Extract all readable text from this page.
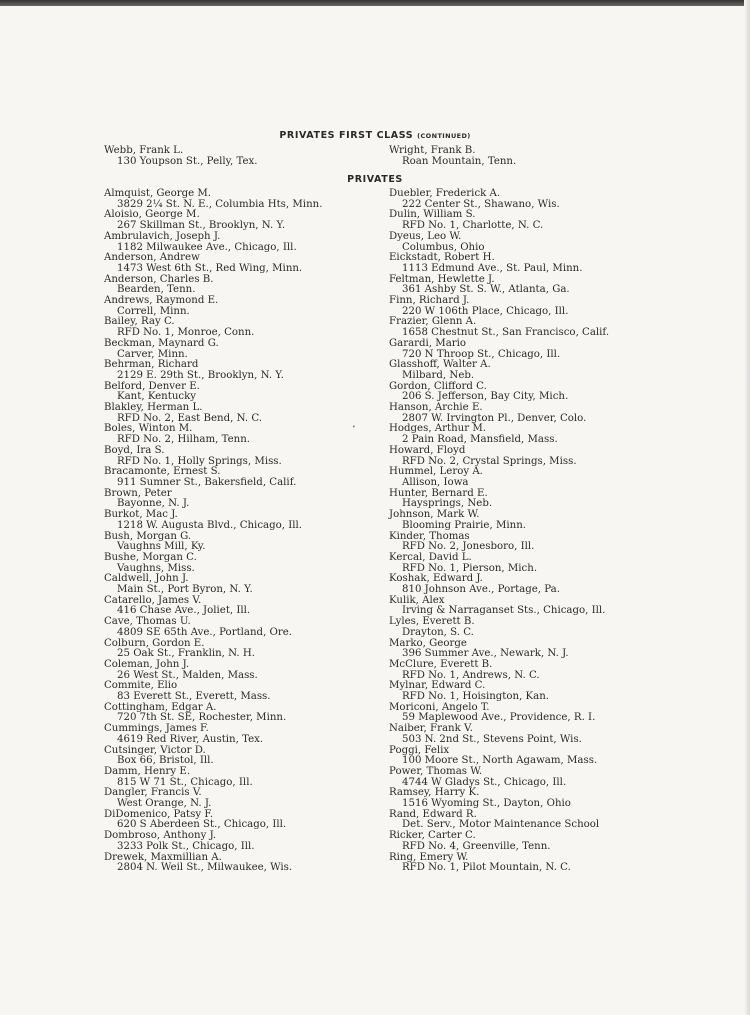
PRIVATES FIRST CLASS (CONTINUED)
Webb, Frank L.
130 Youpson St., Pelly, Tex.
Wright, Frank B.
Roan Mountain, Tenn.
PRIVATES
Almquist, George M.
3829 2¼ St. N. E., Columbia Hts, Minn.
Aloisio, George M.
267 Skillman St., Brooklyn, N. Y.
Ambrulavich, Joseph J.
1182 Milwaukee Ave., Chicago, Ill.
Anderson, Andrew
1473 West 6th St., Red Wing, Minn.
Anderson, Charles B.
Bearden, Tenn.
Andrews, Raymond E.
Correll, Minn.
Bailey, Ray C.
RFD No. 1, Monroe, Conn.
Beckman, Maynard G.
Carver, Minn.
Behrman, Richard
2129 E. 29th St., Brooklyn, N. Y.
Belford, Denver E.
Kant, Kentucky
Blakley, Herman L.
RFD No. 2, East Bend, N. C.
Boles, Winton M.
RFD No. 2, Hilham, Tenn.
Boyd, Ira S.
RFD No. 1, Holly Springs, Miss.
Bracamonte, Ernest S.
911 Sumner St., Bakersfield, Calif.
Brown, Peter
Bayonne, N. J.
Burkot, Mac J.
1218 W. Augusta Blvd., Chicago, Ill.
Bush, Morgan G.
Vaughns Mill, Ky.
Bushe, Morgan C.
Vaughns, Miss.
Caldwell, John J.
Main St., Port Byron, N. Y.
Catarello, James V.
416 Chase Ave., Joliet, Ill.
Cave, Thomas U.
4809 SE 65th Ave., Portland, Ore.
Colburn, Gordon E.
25 Oak St., Franklin, N. H.
Coleman, John J.
26 West St., Malden, Mass.
Commite, Elio
83 Everett St., Everett, Mass.
Cottingham, Edgar A.
720 7th St. SE, Rochester, Minn.
Cummings, James F.
4619 Red River, Austin, Tex.
Cutsinger, Victor D.
Box 66, Bristol, Ill.
Damm, Henry E.
815 W 71 St., Chicago, Ill.
Dangler, Francis V.
West Orange, N. J.
DiDomenico, Patsy F.
620 S Aberdeen St., Chicago, Ill.
Dombroso, Anthony J.
3233 Polk St., Chicago, Ill.
Drewek, Maxmillian A.
2804 N. Weil St., Milwaukee, Wis.
Duebler, Frederick A.
222 Center St., Shawano, Wis.
Dulin, William S.
RFD No. 1, Charlotte, N. C.
Dyeus, Leo W.
Columbus, Ohio
Eickstadt, Robert H.
1113 Edmund Ave., St. Paul, Minn.
Feltman, Hewlette J.
361 Ashby St. S. W., Atlanta, Ga.
Finn, Richard J.
220 W 106th Place, Chicago, Ill.
Frazier, Glenn A.
1658 Chestnut St., San Francisco, Calif.
Garardi, Mario
720 N Throop St., Chicago, Ill.
Glasshoff, Walter A.
Milbard, Neb.
Gordon, Clifford C.
206 S. Jefferson, Bay City, Mich.
Hanson, Archie E.
2807 W. Irvington Pl., Denver, Colo.
Hodges, Arthur M.
2 Pain Road, Mansfield, Mass.
Howard, Floyd
RFD No. 2, Crystal Springs, Miss.
Hummel, Leroy A.
Allison, Iowa
Hunter, Bernard E.
Haysprings, Neb.
Johnson, Mark W.
Blooming Prairie, Minn.
Kinder, Thomas
RFD No. 2, Jonesboro, Ill.
Kercal, David L.
RFD No. 1, Pierson, Mich.
Koshak, Edward J.
810 Johnson Ave., Portage, Pa.
Kulik, Alex
Irving & Narraganset Sts., Chicago, Ill.
Lyles, Everett B.
Drayton, S. C.
Marko, George
396 Summer Ave., Newark, N. J.
McClure, Everett B.
RFD No. 1, Andrews, N. C.
Mylnar, Edward C.
RFD No. 1, Hoisington, Kan.
Moriconi, Angelo T.
59 Maplewood Ave., Providence, R. I.
Naiber, Frank V.
503 N. 2nd St., Stevens Point, Wis.
Poggi, Felix
100 Moore St., North Agawam, Mass.
Power, Thomas W.
4744 W Gladys St., Chicago, Ill.
Ramsey, Harry K.
1516 Wyoming St., Dayton, Ohio
Rand, Edward R.
Det. Serv., Motor Maintenance School
Ricker, Carter C.
RFD No. 4, Greenville, Tenn.
Ring, Emery W.
RFD No. 1, Pilot Mountain, N. C.
•
